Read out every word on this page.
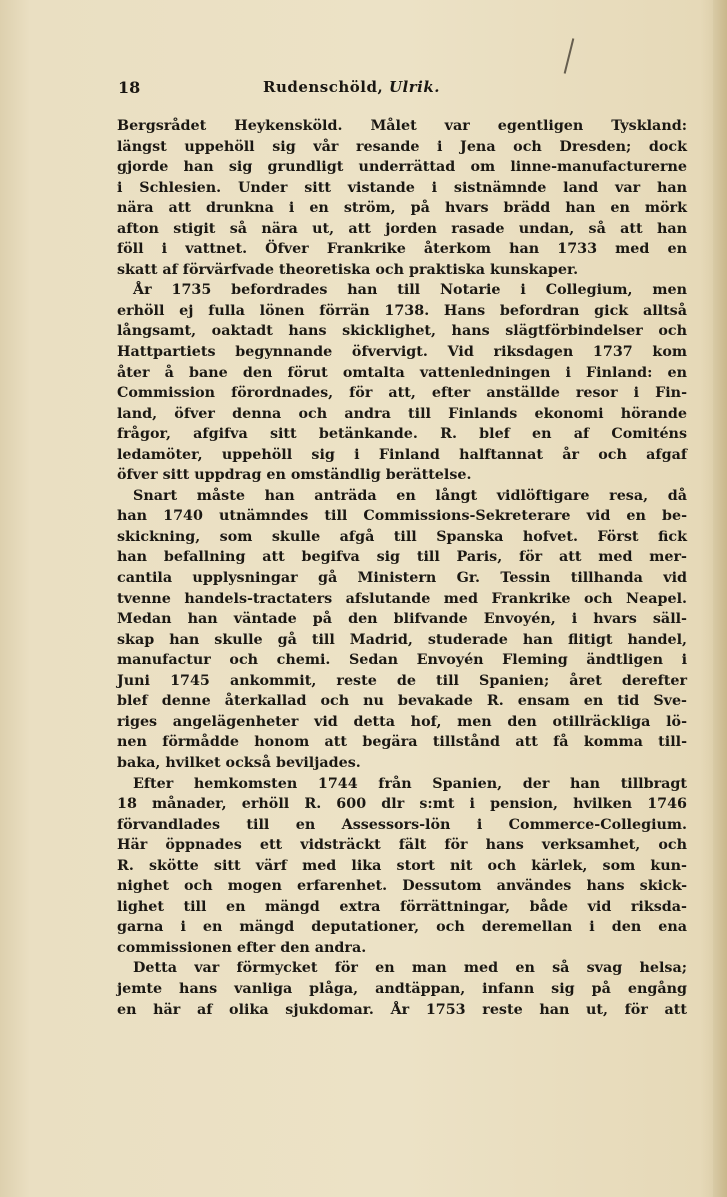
18	Rudenschöld, Ulrik.
Bergsrådet Heykensköld. Målet var egentligen Tyskland:
längst uppehöll sig vår resande i Jena och Dresden; dock
gjorde han sig grundligt underrättad om linne-manufacturerne
i Schlesien. Under sitt vistande i sistnämnde land var han
nära att drunkna i en ström, på hvars brädd han en mörk
afton stigit så nära ut, att jorden rasade undan, så att han
föll i vattnet. Öfver Frankrike återkom han 1733 med en
skatt af förvärfvade theoretiska och praktiska kunskaper.
År 1735 befordrades han till Notarie i Collegium, men
erhöll ej fulla lönen förrän 1738. Hans befordran gick alltså
långsamt, oaktadt hans skicklighet, hans slägtförbindelser och
Hattpartiets begynnande öfvervigt. Vid riksdagen 1737 kom
åter å bane den förut omtalta vattenledningen i Finland: en
Commission förordnades, för att, efter anställde resor i Fin-
land, öfver denna och andra till Finlands ekonomi hörande
frågor, afgifva sitt betänkande. R. blef en af Comiténs
ledamöter, uppehöll sig i Finland halftannat år och afgaf
öfver sitt uppdrag en omständlig berättelse.
Snart måste han anträda en långt vidlöftigare resa, då
han 1740 utnämndes till Commissions-Sekreterare vid en be-
skickning, som skulle afgå till Spanska hofvet. Först fick
han befallning att begifva sig till Paris, för att med mer-
cantila upplysningar gå Ministern Gr. Tessin tillhanda vid
tvenne handels-tractaters afslutande med Frankrike och Neapel.
Medan han väntade på den blifvande Envoyén, i hvars säll-
skap han skulle gå till Madrid, studerade han flitigt handel,
manufactur och chemi. Sedan Envoyén Fleming ändtligen i
Juni 1745 ankommit, reste de till Spanien; året derefter
blef denne återkallad och nu bevakade R. ensam en tid Sve-
riges angelägenheter vid detta hof, men den otillräckliga lö-
nen förmådde honom att begära tillstånd att få komma till-
baka, hvilket också beviljades.
Efter hemkomsten 1744 från Spanien, der han tillbragt
18 månader, erhöll R. 600 dlr s:mt i pension, hvilken 1746
förvandlades till en Assessors-lön i Commerce-Collegium.
Här öppnades ett vidsträckt fält för hans verksamhet, och
R. skötte sitt värf med lika stort nit och kärlek, som kun-
nighet och mogen erfarenhet. Dessutom användes hans skick-
lighet till en mängd extra förrättningar, både vid riksda-
garna i en mängd deputationer, och deremellan i den ena
commissionen efter den andra.
Detta var förmycket för en man med en så svag helsa;
jemte hans vanliga plåga, andtäppan, infann sig på engång
en här af olika sjukdomar. År 1753 reste han ut, för att
